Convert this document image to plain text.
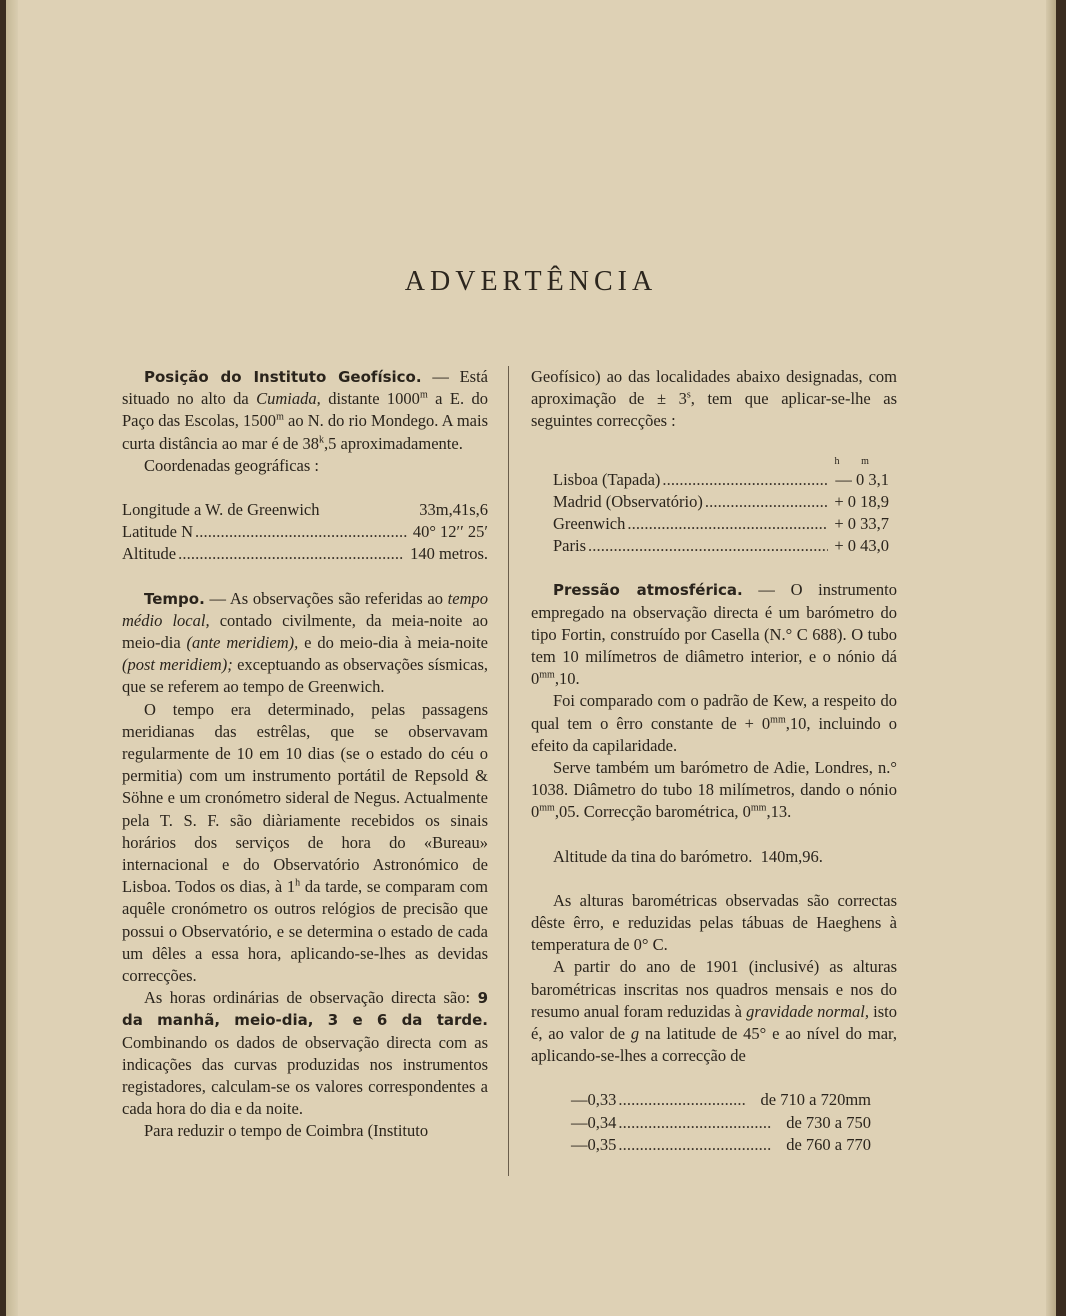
ADVERTÊNCIA

Posição do Instituto Geofísico. — Está situado no alto da Cumiada, distante 1000$^m$ a E. do Paço das Escolas, 1500$^m$ ao N. do rio Mondego. A mais curta distância ao mar é de 38$^k$,5 aproximadamente.

Coordenadas geográficas :

Longitude a W. de Greenwich	33m,41s,6
Latitude N . . .	40° 12′′ 25′
Altitude . . .	140 metros.

Tempo. — As observações são referidas ao tempo médio local, contado civilmente, da meia-noite ao meio-dia (ante meridiem), e do meio-dia à meia-noite (post meridiem); exceptuando as observações sísmicas, que se referem ao tempo de Greenwich.

O tempo era determinado, pelas passagens meridianas das estrêlas, que se observavam regularmente de 10 em 10 dias (se o estado do céu o permitia) com um instrumento portátil de Repsold & Söhne e um cronómetro sideral de Negus. Actualmente pela T. S. F. são diàriamente recebidos os sinais horários dos serviços de hora do «Bureau» internacional e do Observatório Astronómico de Lisboa. Todos os dias, à 1$^h$ da tarde, se comparam com aquêle cronómetro os outros relógios de precisão que possui o Observatório, e se determina o estado de cada um dêles a essa hora, aplicando-se-lhes as devidas correcções.

As horas ordinárias de observação directa são: 9 da manhã, meio-dia, 3 e 6 da tarde. Combinando os dados de observação directa com as indicações das curvas produzidas nos instrumentos registadores, calculam-se os valores correspondentes a cada hora do dia e da noite.

Para reduzir o tempo de Coimbra (Instituto

Geofísico) ao das localidades abaixo designadas, com aproximação de ± $3^s$, tem que aplicar-se-lhe as seguintes correcções :

h	m
Lisboa (Tapada) . . .	— 0 3,1
Madrid (Observatório) . . .	+ 0 18,9
Greenwich . . .	+ 0 33,7
Paris . . .	+ 0 43,0

Pressão atmosférica. — O instrumento empregado na observação directa é um barómetro do tipo Fortin, construído por Casella (N.° C 688). O tubo tem 10 milímetros de diâmetro interior, e o nónio dá $0^{mm},10$.

Foi comparado com o padrão de Kew, a respeito do qual tem o êrro constante de + $0^{mm},10$, incluindo o efeito da capilaridade.

Serve também um barómetro de Adie, Londres, n.° 1038. Diâmetro do tubo 18 milímetros, dando o nónio $0^{mm},05$. Correcção barométrica, $0^{mm},13$.

Altitude da tina do barómetro. 140m,96.

As alturas barométricas observadas são correctas dêste êrro, e reduzidas pelas tábuas de Haeghens à temperatura de 0° C.

A partir do ano de 1901 (inclusivé) as alturas barométricas inscritas nos quadros mensais e nos do resumo anual foram reduzidas à gravidade normal, isto é, ao valor de g na latitude de 45° e ao nível do mar, aplicando-se-lhes a correcção de

—0,33 . . .	de 710 a 720mm
—0,34 . . .	de 730 a 750
—0,35 . . .	de 760 a 770
